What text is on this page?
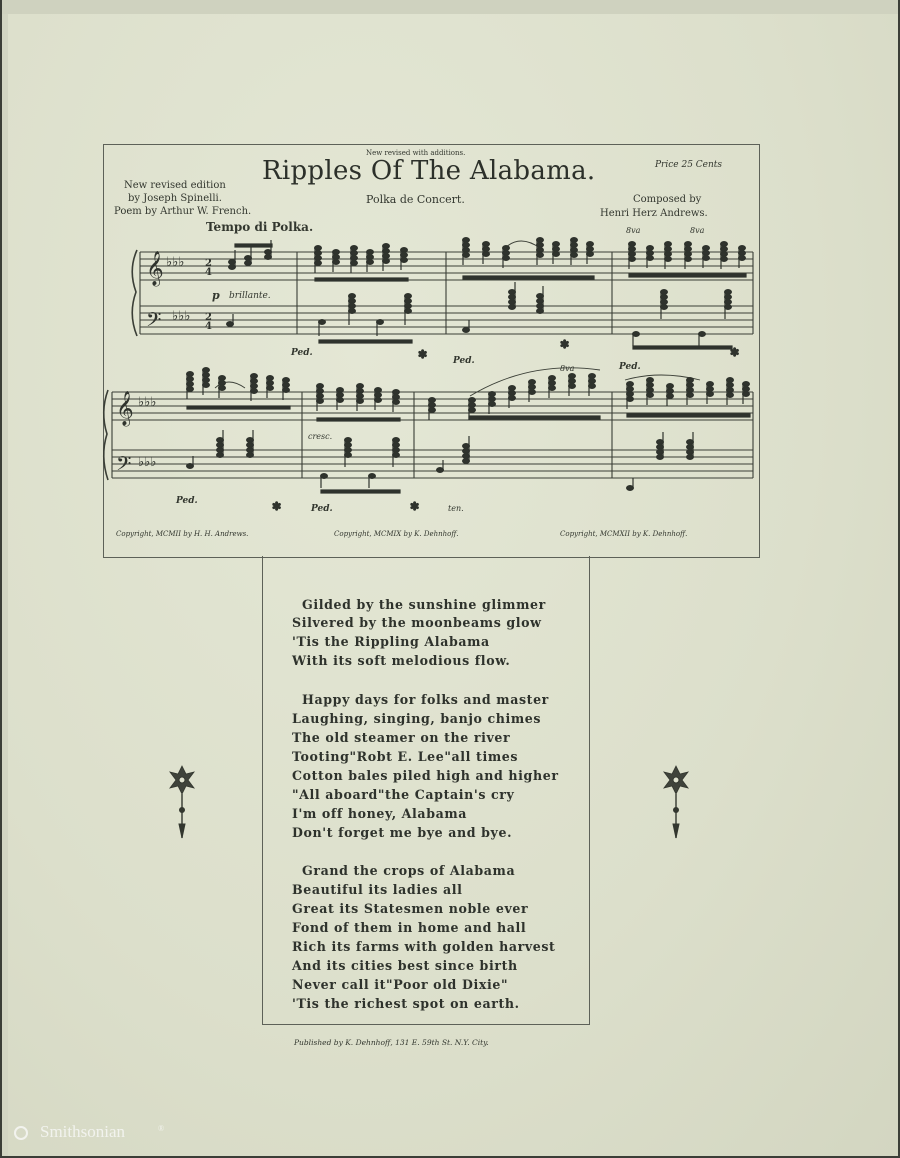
New revised with additions.
Ripples Of The Alabama.
Polka de Concert.
Price 25 Cents
New revised edition
by Joseph Spinelli.
Poem by Arthur W. French.
Composed by
Henri Herz Andrews.
Tempo di Polka.
𝄞
𝄢
𝄞
𝄢
♭♭♭
♭♭♭
♭♭♭
♭♭♭
2
4
2
4
✻
✻
✻
✻	✻
p brillante.
cresc.
ten.
Ped.
Ped.
Ped.
Ped.
Ped.
8va	8va
8va
Copyright, MCMII by H. H. Andrews.	Copyright, MCMIX by K. Dehnhoff.	Copyright, MCMXII by K. Dehnhoff.
Gilded by the sunshine glimmer
Silvered by the moonbeams glow
'Tis the Rippling Alabama
With its soft melodious flow.
Happy days for folks and master
Laughing, singing, banjo chimes
The old steamer on the river
Tooting"Robt E. Lee"all times
Cotton bales piled high and higher
"All aboard"the Captain's cry
I'm off honey, Alabama
Don't forget me bye and bye.
Grand the crops of Alabama
Beautiful its ladies all
Great its Statesmen noble ever
Fond of them in home and hall
Rich its farms with golden harvest
And its cities best since birth
Never call it"Poor old Dixie"
'Tis the richest spot on earth.
Published by K. Dehnhoff, 131 E. 59th St. N.Y. City.
Smithsonian	®
